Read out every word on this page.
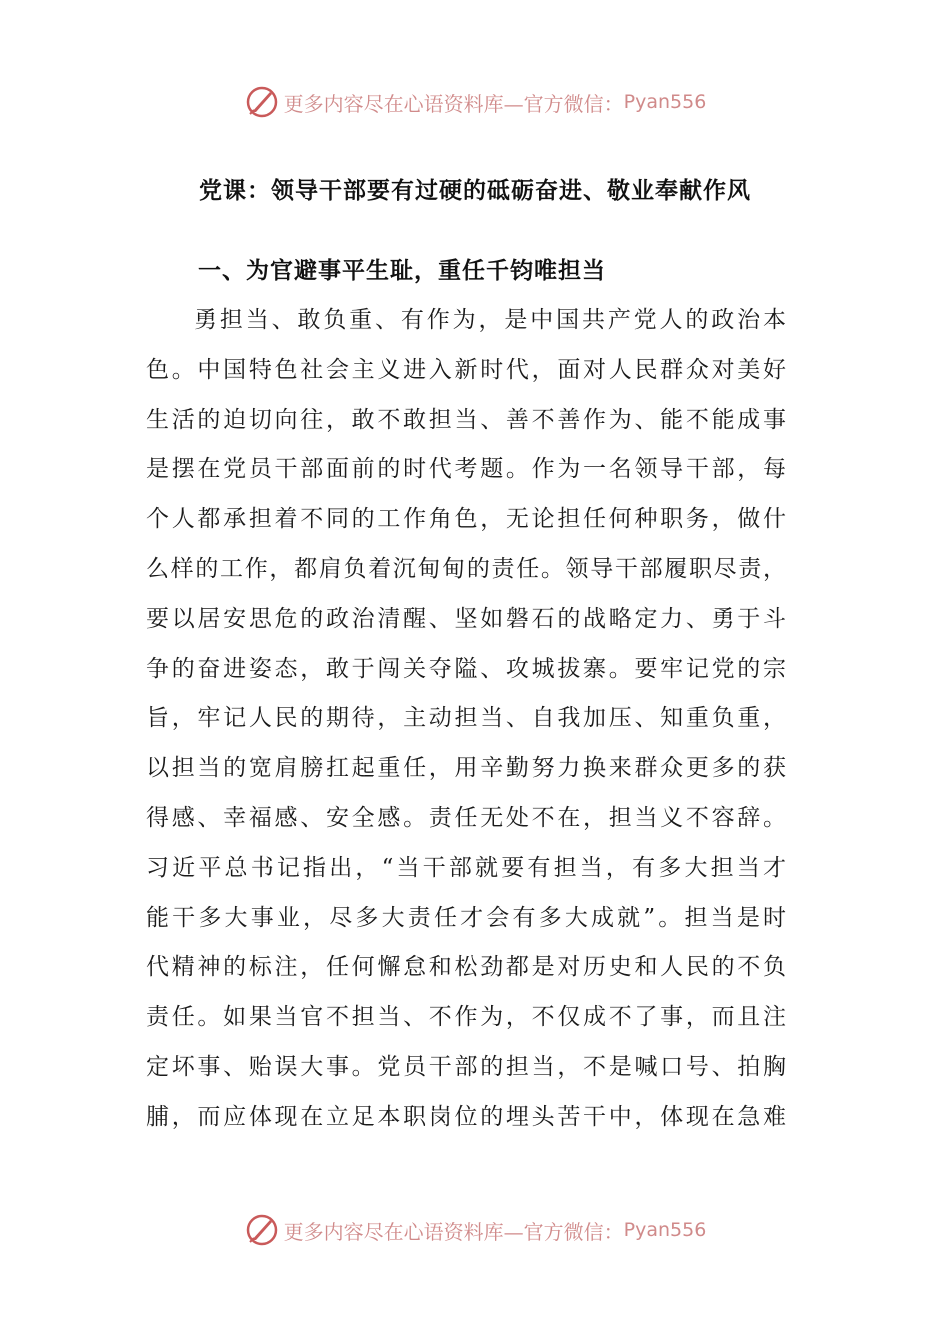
更多内容尽在心语资料库—官方微信： Pyan556
党课：领导干部要有过硬的砥砺奋进、敬业奉献作风
一、为官避事平生耻，重任千钧唯担当
勇担当、敢负重、有作为，是中国共产党人的政治本
色。中国特色社会主义进入新时代，面对人民群众对美好
生活的迫切向往，敢不敢担当、善不善作为、能不能成事
是摆在党员干部面前的时代考题。作为一名领导干部，每
个人都承担着不同的工作角色，无论担任何种职务，做什
么样的工作，都肩负着沉甸甸的责任。领导干部履职尽责，
要以居安思危的政治清醒、坚如磐石的战略定力、勇于斗
争的奋进姿态，敢于闯关夺隘、攻城拔寨。要牢记党的宗
旨，牢记人民的期待，主动担当、自我加压、知重负重，
以担当的宽肩膀扛起重任，用辛勤努力换来群众更多的获
得感、幸福感、安全感。责任无处不在，担当义不容辞。
习近平总书记指出，“当干部就要有担当，有多大担当才
能干多大事业，尽多大责任才会有多大成就”。担当是时
代精神的标注，任何懈怠和松劲都是对历史和人民的不负
责任。如果当官不担当、不作为，不仅成不了事，而且注
定坏事、贻误大事。党员干部的担当，不是喊口号、拍胸
脯，而应体现在立足本职岗位的埋头苦干中，体现在急难
更多内容尽在心语资料库—官方微信： Pyan556
